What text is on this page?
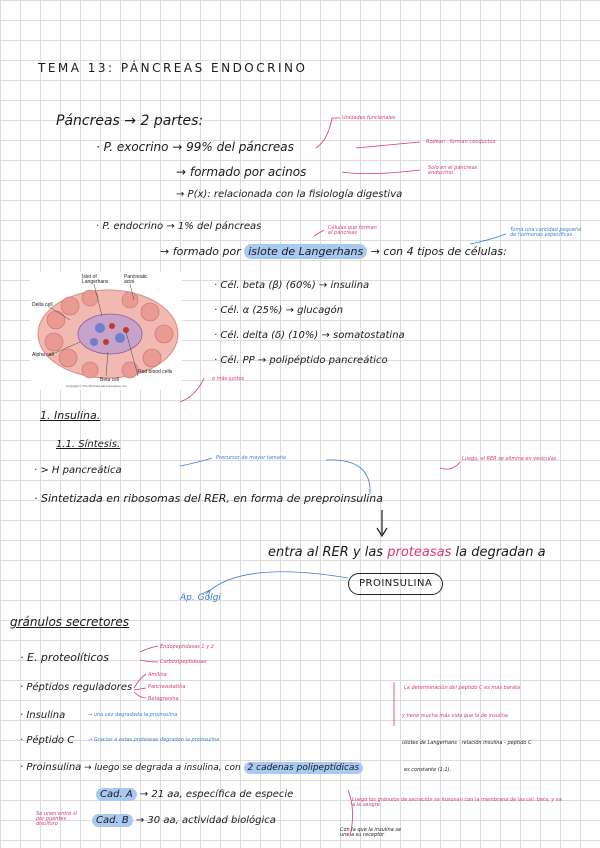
TEMA 13: PÁNCREAS ENDOCRINO
Páncreas → 2 partes:
· P. exocrino → 99% del páncreas
→ formado por acinos
→ P(x): relacionada con la fisiología digestiva
Unidades funcionales
Rodean · forman conductos
Solo en el páncreas endocrino
· P. endocrino → 1% del páncreas
→ formado por islote de Langerhans → con 4 tipos de células:
Células que forman el páncreas	Toma una cantidad pequeña de hormonas específicas
Islet of Langerhans
Pancreatic acini
Delta cell
Alpha cell
Beta cell
Red blood cells
Copyright © The McGraw-Hill Companies, Inc.
· Cél. beta (β) (60%) → insulina
· Cél. α (25%) → glucagón
· Cél. delta (δ) (10%) → somatostatina
· Cél. PP → polipéptido pancreático
o más juntos
1. Insulina.
1.1. Síntesis.
· > H pancreática
· Sintetizada en ribosomas del RER, en forma de preproinsulina
Precursor de mayor tamaño	Luego, el RER se elimina en vesículas
entra al RER y las proteasas la degradan a
PROINSULINA
Ap. Golgi
gránulos secretores
· E. proteolíticos
· Péptidos reguladores
· Insulina
· Péptido C
· Proinsulina
Endopeptidasas 1 y 2
Carboxipeptidasas
Amilina
Pancreastatina
Betagranina
→ una vez degradada la proinsulina
→ Gracias a estas proteasas degradan la proinsulina
→ luego se degrada a insulina, con 2 cadenas polipeptídicas	es constante (1:1).
Cad. A → 21 aa, específica de especie
Cad. B → 30 aa, actividad biológica
La determinación del péptido C es más barata
y tiene mucha más vida que la de insulina
islotes de Langerhans · relación insulina - péptido C
Luego los gránulos de secreción se fusionan con la membrana de las cél. beta, y va a la sangre.
Con la que la insulina se une a su receptor
Se unen entre sí por puentes disulfuro
